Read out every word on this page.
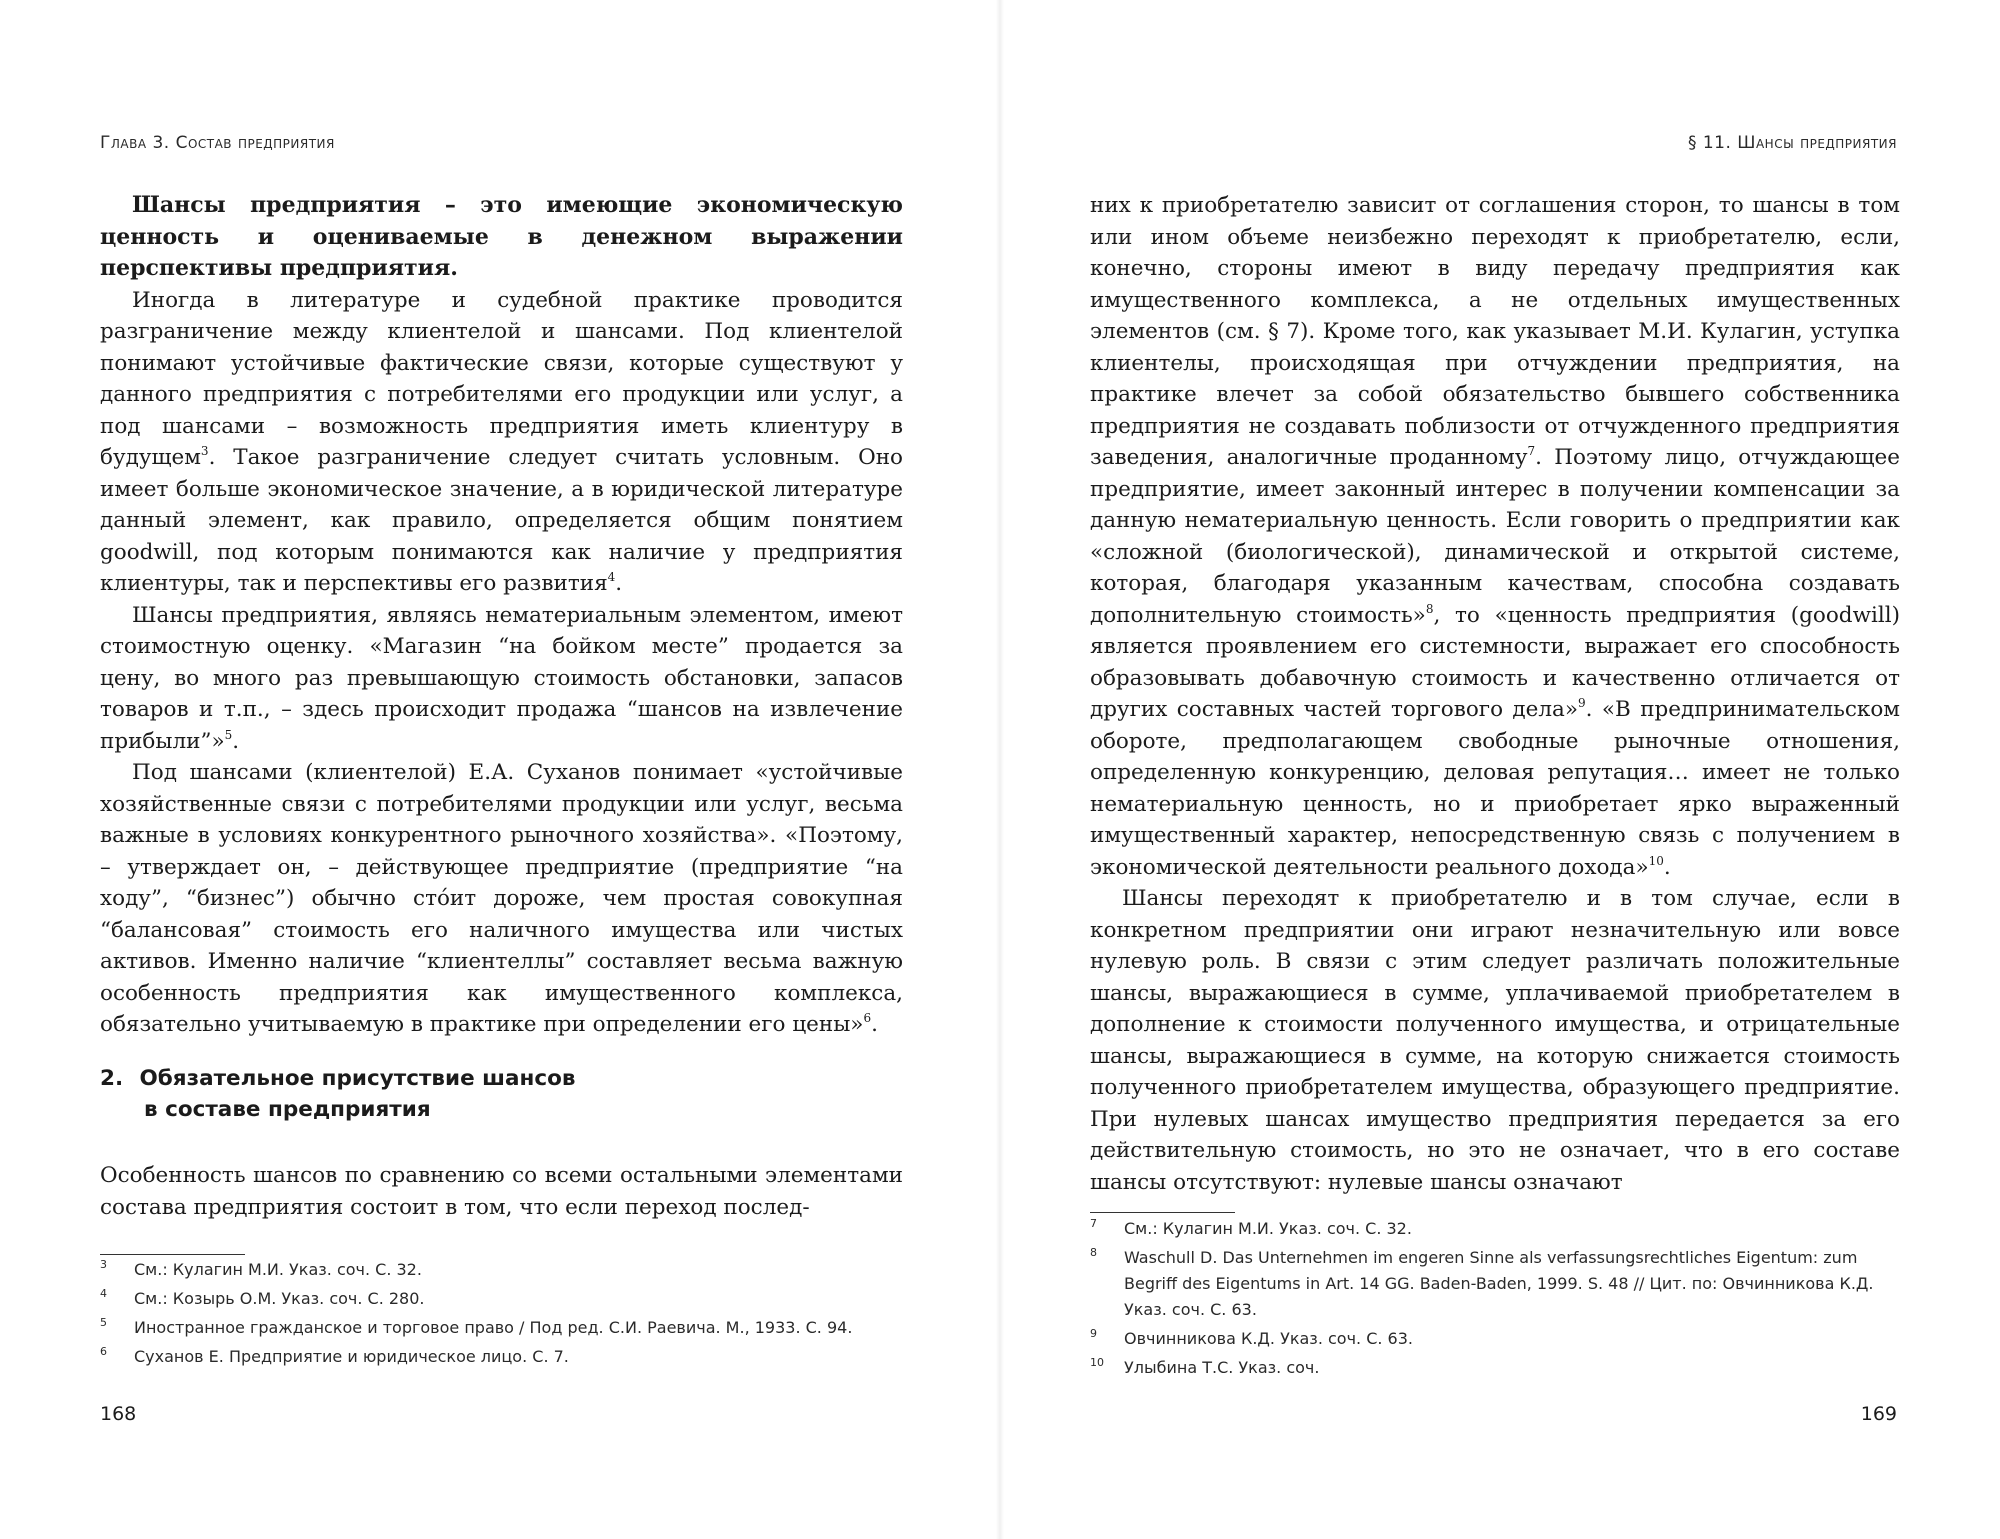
Глава 3. Состав предприятия

Шансы предприятия – это имеющие экономическую ценность и оцениваемые в денежном выражении перспективы предприятия.

Иногда в литературе и судебной практике проводится разграничение между клиентелой и шансами. Под клиентелой понимают устойчивые фактические связи, которые существуют у данного предприятия с потребителями его продукции или услуг, а под шансами – возможность предприятия иметь клиентуру в будущем$^3$. Такое разграничение следует считать условным. Оно имеет больше экономическое значение, а в юридической литературе данный элемент, как правило, определяется общим понятием goodwill, под которым понимаются как наличие у предприятия клиентуры, так и перспективы его развития$^4$.

Шансы предприятия, являясь нематериальным элементом, имеют стоимостную оценку. «Магазин “на бойком месте” продается за цену, во много раз превышающую стоимость обстановки, запасов товаров и т.п., – здесь происходит продажа “шансов на извлечение прибыли”»$^5$.

Под шансами (клиентелой) Е.А. Суханов понимает «устойчивые хозяйственные связи с потребителями продукции или услуг, весьма важные в условиях конкурентного рыночного хозяйства». «Поэтому, – утверждает он, – действующее предприятие (предприятие “на ходу”, “бизнес”) обычно стóит дороже, чем простая совокупная “балансовая” стоимость его наличного имущества или чистых активов. Именно наличие “клиентеллы” составляет весьма важную особенность предприятия как имущественного комплекса, обязательно учитываемую в практике при определении его цены»$^6$.

2. Обязательное присутствие шансов
в составе предприятия

Особенность шансов по сравнению со всеми остальными элементами состава предприятия состоит в том, что если переход послед-

3 См.: Кулагин М.И. Указ. соч. С. 32.
4 См.: Козырь О.М. Указ. соч. С. 280.
5 Иностранное гражданское и торговое право / Под ред. С.И. Раевича. М., 1933. С. 94.
6 Суханов Е. Предприятие и юридическое лицо. С. 7.
168
§ 11. Шансы предприятия

них к приобретателю зависит от соглашения сторон, то шансы в том или ином объеме неизбежно переходят к приобретателю, если, конечно, стороны имеют в виду передачу предприятия как имущественного комплекса, а не отдельных имущественных элементов (см. § 7). Кроме того, как указывает М.И. Кулагин, уступка клиентелы, происходящая при отчуждении предприятия, на практике влечет за собой обязательство бывшего собственника предприятия не создавать поблизости от отчужденного предприятия заведения, аналогичные проданному$^7$. Поэтому лицо, отчуждающее предприятие, имеет законный интерес в получении компенсации за данную нематериальную ценность. Если говорить о предприятии как «сложной (биологической), динамической и открытой системе, которая, благодаря указанным качествам, способна создавать дополнительную стоимость»$^8$, то «ценность предприятия (goodwill) является проявлением его системности, выражает его способность образовывать добавочную стоимость и качественно отличается от других составных частей торгового дела»$^9$. «В предпринимательском обороте, предполагающем свободные рыночные отношения, определенную конкуренцию, деловая репутация… имеет не только нематериальную ценность, но и приобретает ярко выраженный имущественный характер, непосредственную связь с получением в экономической деятельности реального дохода»$^{10}$.

Шансы переходят к приобретателю и в том случае, если в конкретном предприятии они играют незначительную или вовсе нулевую роль. В связи с этим следует различать положительные шансы, выражающиеся в сумме, уплачиваемой приобретателем в дополнение к стоимости полученного имущества, и отрицательные шансы, выражающиеся в сумме, на которую снижается стоимость полученного приобретателем имущества, образующего предприятие. При нулевых шансах имущество предприятия передается за его действительную стоимость, но это не означает, что в его составе шансы отсутствуют: нулевые шансы означают

7 См.: Кулагин М.И. Указ. соч. С. 32.
8 Waschull D. Das Unternehmen im engeren Sinne als verfassungsrechtliches Eigentum: zum Begriff des Eigentums in Art. 14 GG. Baden-Baden, 1999. S. 48 // Цит. по: Овчинникова К.Д. Указ. соч. С. 63.
9 Овчинникова К.Д. Указ. соч. С. 63.
10 Улыбина Т.С. Указ. соч.
169
